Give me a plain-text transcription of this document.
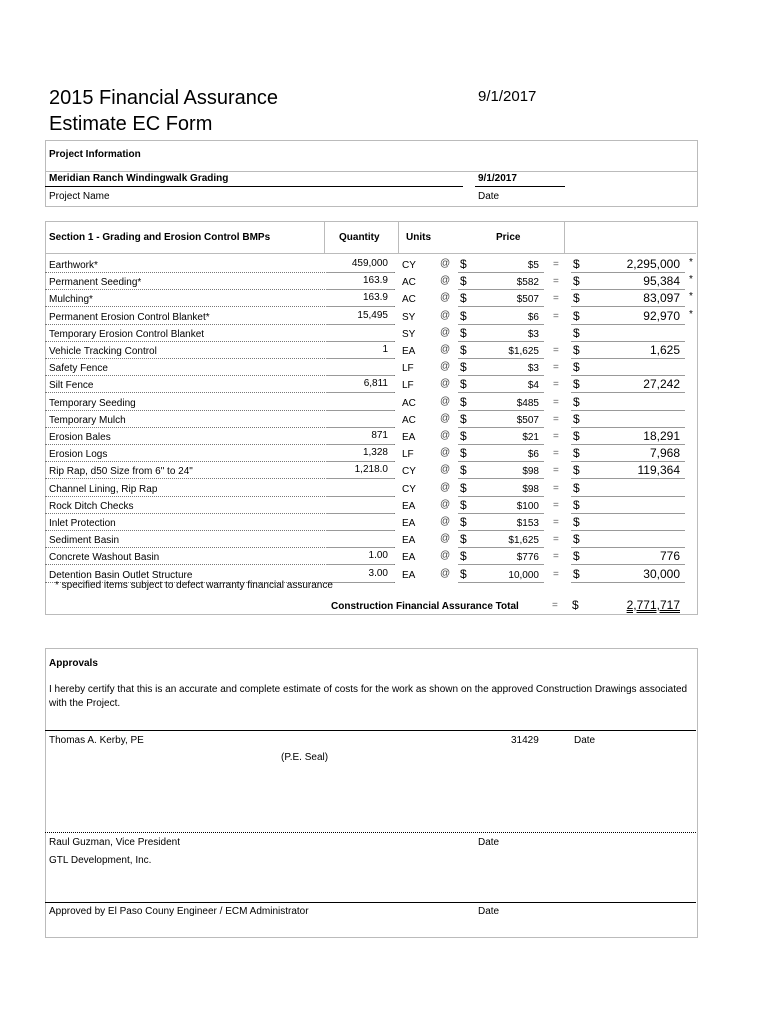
2015 Financial Assurance
Estimate EC Form
9/1/2017
Project Information
Meridian Ranch Windingwalk Grading
Project Name
9/1/2017
Date
Section 1 - Grading and Erosion Control BMPs	Quantity	Units	Price
Earthwork*	459,000 CY @ $	$5 = $	2,295,000 *
Permanent Seeding*	163.9 AC @ $	$582 = $	95,384 *
Mulching*	163.9 AC @ $	$507 = $	83,097 *
Permanent Erosion Control Blanket*	15,495 SY @ $	$6 = $	92,970 *
Temporary Erosion Control Blanket	SY @ $	$3	$
Vehicle Tracking Control	1 EA @ $	$1,625 = $	1,625
Safety Fence	LF	@ $	$3 = $
Silt Fence	6,811 LF	@ $	$4 = $	27,242
Temporary Seeding	AC @ $	$485 = $
Temporary Mulch	AC @ $	$507 = $
Erosion Bales	871 EA @ $	$21 = $	18,291
Erosion Logs	1,328 LF	@ $	$6 = $	7,968
Rip Rap, d50 Size from 6" to 24"	1,218.0 CY @ $	$98 = $	119,364
Channel Lining, Rip Rap	CY @ $	$98 = $
Rock Ditch Checks	EA @ $	$100 = $
Inlet Protection	EA @ $	$153 = $
Sediment Basin	EA @ $	$1,625 = $
Concrete Washout Basin	1.00 EA @ $	$776 = $	776
Detention Basin Outlet Structure	3.00 EA @ $	10,000 = $	30,000
* specified items subject to defect warranty financial assurance
Construction Financial Assurance Total	= $	2,771,717
Approvals
I hereby certify that this is an accurate and complete estimate of costs for the work as shown on the approved Construction Drawings associated with the Project.
Thomas A. Kerby, PE	31429	Date
(P.E. Seal)
Raul Guzman, Vice President
GTL Development, Inc.
Date
Approved by El Paso Couny Engineer / ECM Administrator	Date
